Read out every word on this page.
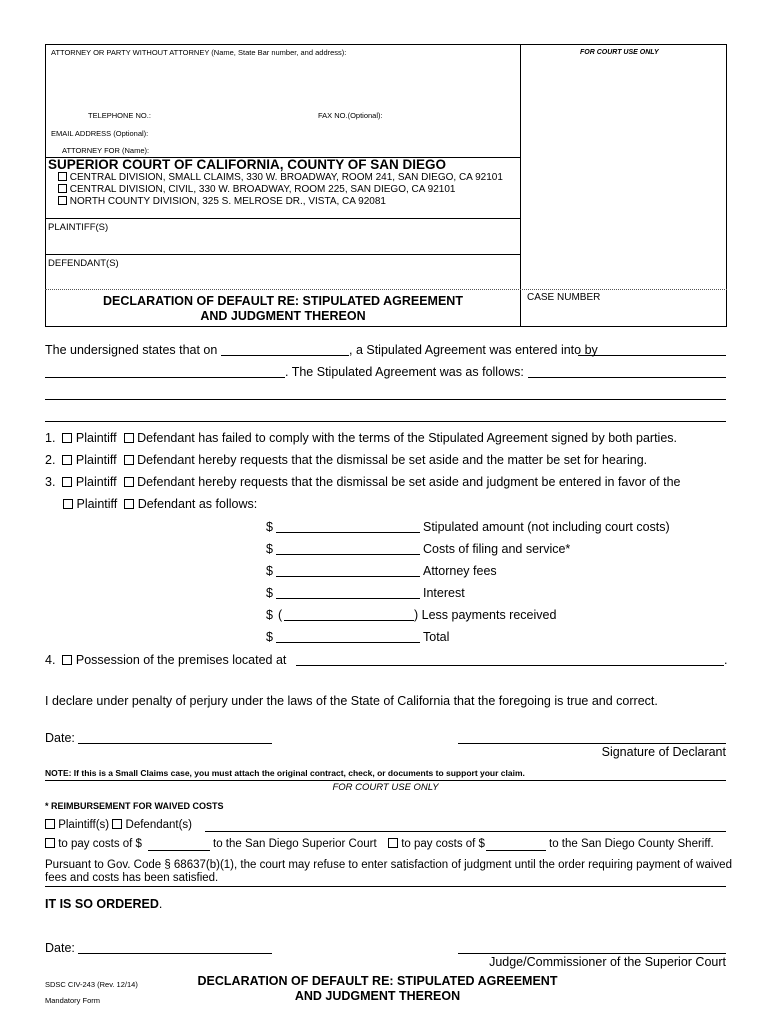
ATTORNEY OR PARTY WITHOUT ATTORNEY (Name, State Bar number, and address):	FOR COURT USE ONLY
TELEPHONE NO.:	FAX NO.(Optional):
EMAIL ADDRESS (Optional):
ATTORNEY FOR (Name):
SUPERIOR COURT OF CALIFORNIA, COUNTY OF SAN DIEGO
CENTRAL DIVISION, SMALL CLAIMS, 330 W. BROADWAY, ROOM 241, SAN DIEGO, CA 92101
CENTRAL DIVISION, CIVIL, 330 W. BROADWAY, ROOM 225, SAN DIEGO, CA 92101
NORTH COUNTY DIVISION, 325 S. MELROSE DR., VISTA, CA 92081
PLAINTIFF(S)
DEFENDANT(S)
DECLARATION OF DEFAULT RE: STIPULATED AGREEMENT
AND JUDGMENT THEREON
CASE NUMBER
The undersigned states that on	, a Stipulated Agreement was entered into by
. The Stipulated Agreement was as follows:
1. Plaintiff Defendant has failed to comply with the terms of the Stipulated Agreement signed by both parties.
2. Plaintiff Defendant hereby requests that the dismissal be set aside and the matter be set for hearing.
3. Plaintiff Defendant hereby requests that the dismissal be set aside and judgment be entered in favor of the
Plaintiff Defendant as follows:
$	Stipulated amount (not including court costs)
$	Costs of filing and service*
$	Attorney fees
$	Interest
$ (	) Less payments received
$	Total
4. Possession of the premises located at	.
I declare under penalty of perjury under the laws of the State of California that the foregoing is true and correct.
Date:
Signature of Declarant
NOTE: If this is a Small Claims case, you must attach the original contract, check, or documents to support your claim.
FOR COURT USE ONLY
* REIMBURSEMENT FOR WAIVED COSTS
Plaintiff(s) Defendant(s)
to pay costs of $	to the San Diego Superior Court	to pay costs of $	to the San Diego County Sheriff.
Pursuant to Gov. Code § 68637(b)(1), the court may refuse to enter satisfaction of judgment until the order requiring payment of waived fees and costs has been satisfied.
IT IS SO ORDERED.
Date:
Judge/Commissioner of the Superior Court
SDSC CIV-243 (Rev. 12/14)
Mandatory Form
DECLARATION OF DEFAULT RE: STIPULATED AGREEMENT
AND JUDGMENT THEREON
